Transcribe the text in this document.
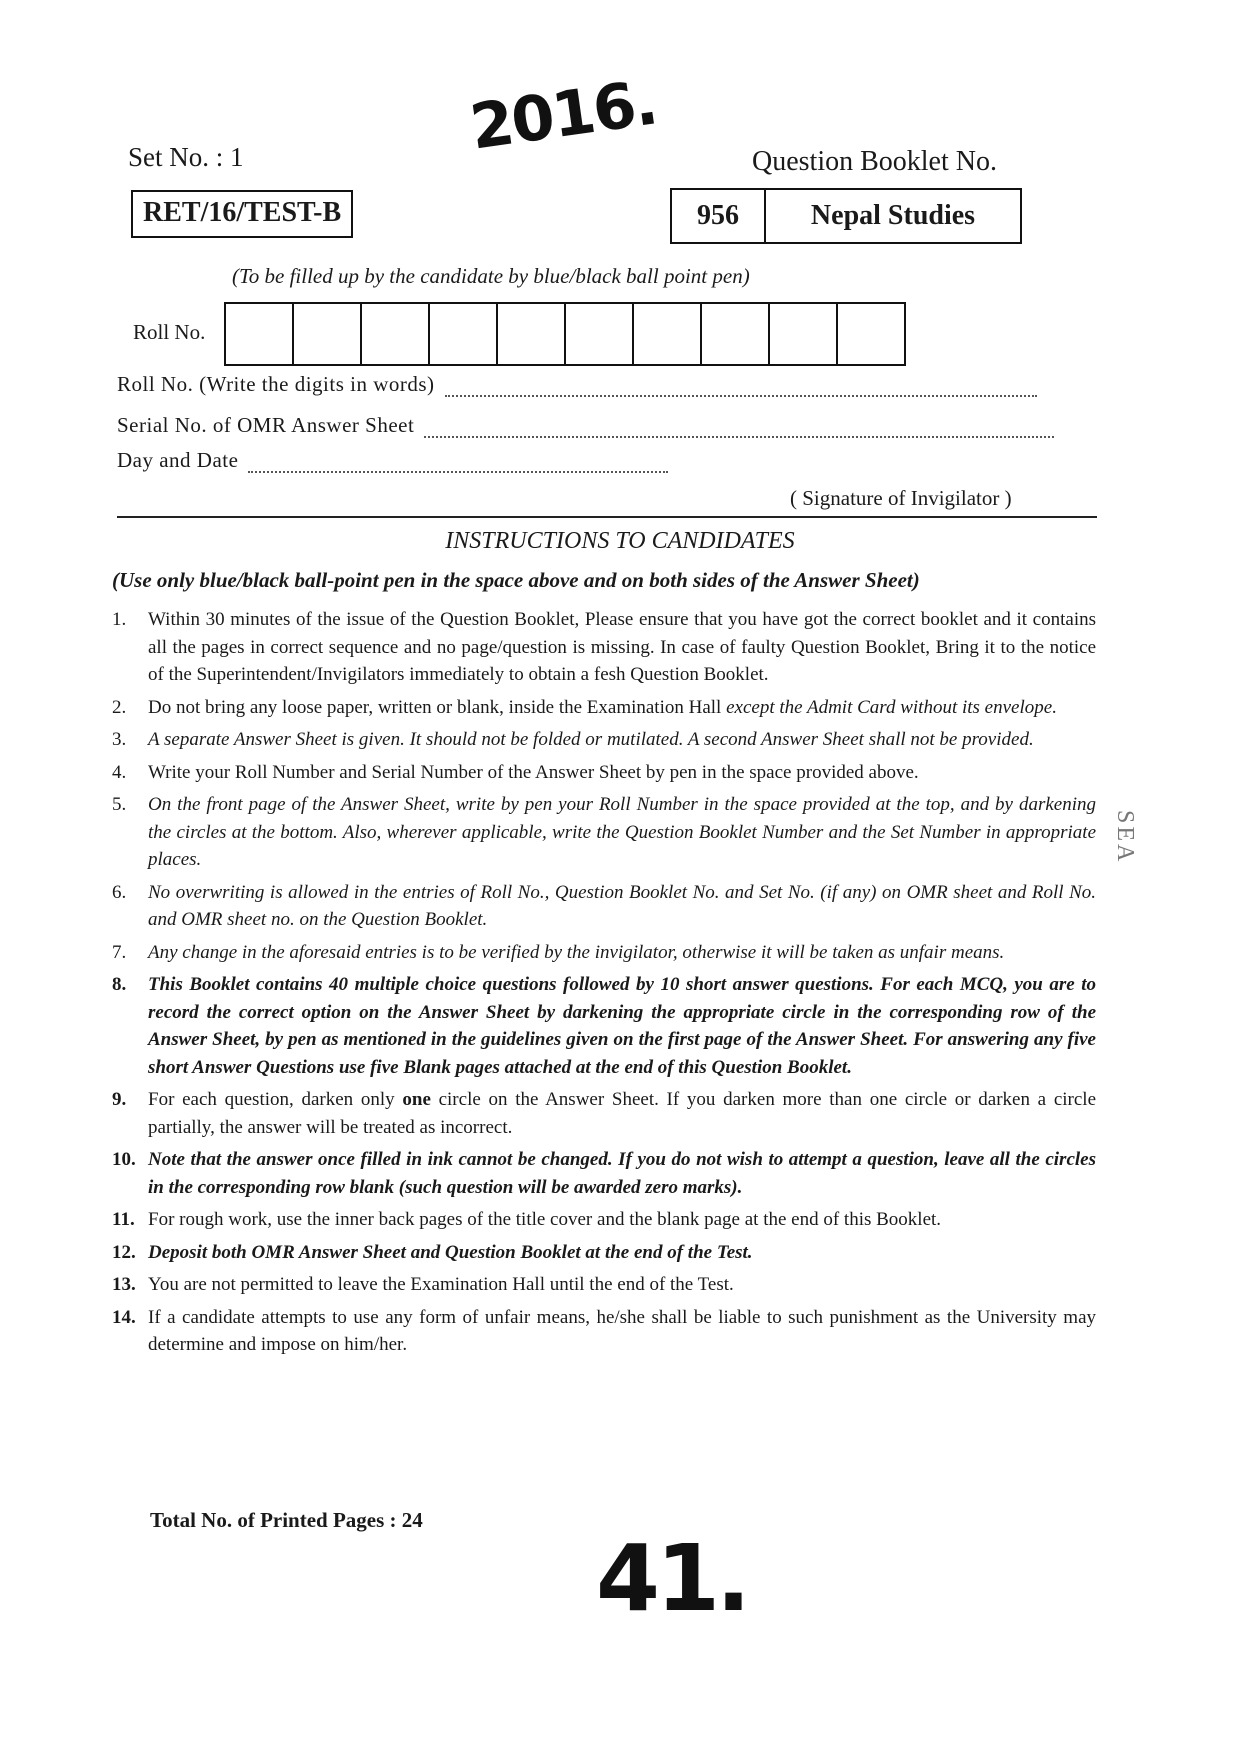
2016.
41.
Set No. : 1
RET/16/TEST-B
Question Booklet No.
956	Nepal Studies
(To be filled up by the candidate by blue/black ball point pen)
Roll No.
Roll No. (Write the digits in words)
Serial No. of OMR Answer Sheet
Day and Date
( Signature of Invigilator )
INSTRUCTIONS TO CANDIDATES
(Use only blue/black ball-point pen in the space above and on both sides of the Answer Sheet)
1.	Within 30 minutes of the issue of the Question Booklet, Please ensure that you have got the correct booklet and it contains all the pages in correct sequence and no page/question is missing. In case of faulty Question Booklet, Bring it to the notice of the Superintendent/Invigilators immediately to obtain a fesh Question Booklet.
2.	Do not bring any loose paper, written or blank, inside the Examination Hall except the Admit Card without its envelope.
3.	A separate Answer Sheet is given. It should not be folded or mutilated. A second Answer Sheet shall not be provided.
4.	Write your Roll Number and Serial Number of the Answer Sheet by pen in the space provided above.
5.	On the front page of the Answer Sheet, write by pen your Roll Number in the space provided at the top, and by darkening the circles at the bottom. Also, wherever applicable, write the Question Booklet Number and the Set Number in appropriate places.
6.	No overwriting is allowed in the entries of Roll No., Question Booklet No. and Set No. (if any) on OMR sheet and Roll No. and OMR sheet no. on the Question Booklet.
7.	Any change in the aforesaid entries is to be verified by the invigilator, otherwise it will be taken as unfair means.
8.	This Booklet contains 40 multiple choice questions followed by 10 short answer questions. For each MCQ, you are to record the correct option on the Answer Sheet by darkening the appropriate circle in the corresponding row of the Answer Sheet, by pen as mentioned in the guidelines given on the first page of the Answer Sheet. For answering any five short Answer Questions use five Blank pages attached at the end of this Question Booklet.
9.	For each question, darken only one circle on the Answer Sheet. If you darken more than one circle or darken a circle partially, the answer will be treated as incorrect.
10. Note that the answer once filled in ink cannot be changed. If you do not wish to attempt a question, leave all the circles in the corresponding row blank (such question will be awarded zero marks).
11. For rough work, use the inner back pages of the title cover and the blank page at the end of this Booklet.
12. Deposit both OMR Answer Sheet and Question Booklet at the end of the Test.
13. You are not permitted to leave the Examination Hall until the end of the Test.
14. If a candidate attempts to use any form of unfair means, he/she shall be liable to such punishment as the University may determine and impose on him/her.
Total No. of Printed Pages : 24
SEA
